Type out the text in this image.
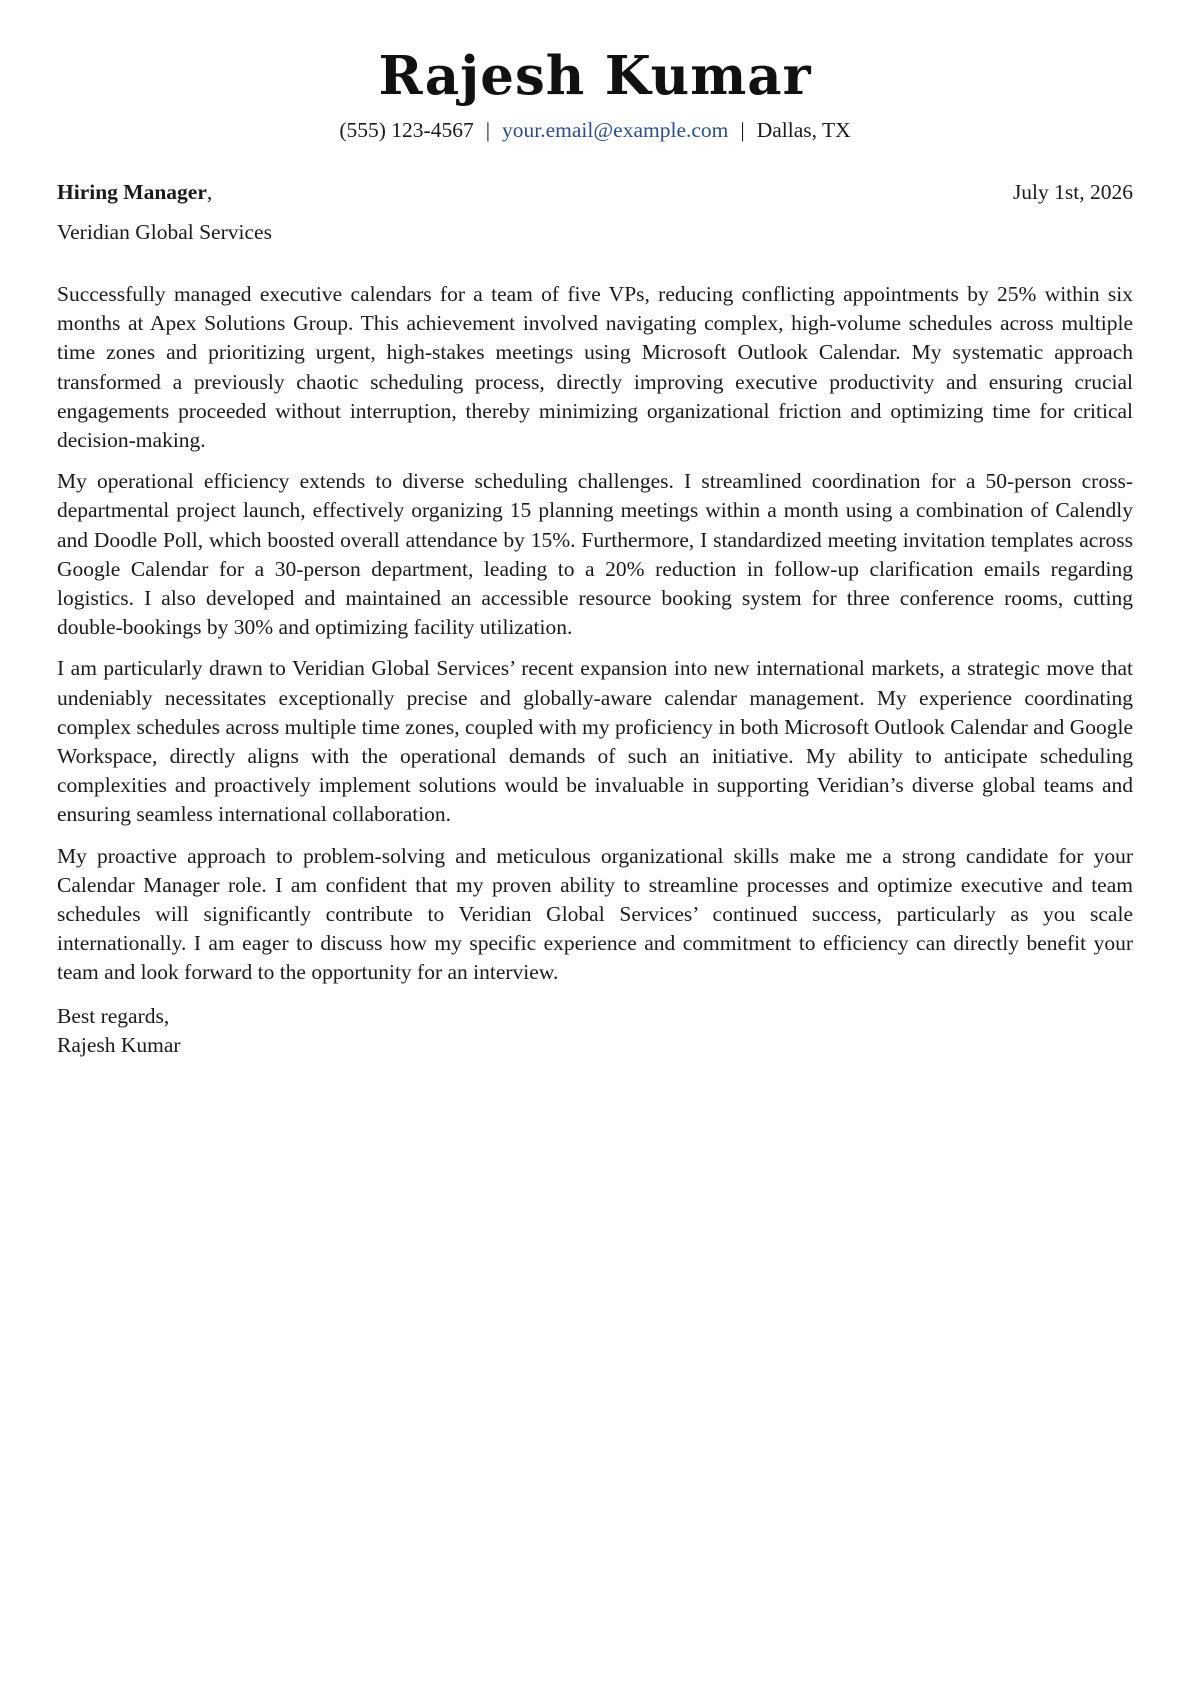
Rajesh Kumar
(555) 123-4567 | your.email@example.com | Dallas, TX
Hiring Manager,	July 1st, 2026
Veridian Global Services

Successfully managed executive calendars for a team of five VPs, reducing conflicting appointments by 25% within six months at Apex Solutions Group. This achievement involved navigating complex, high-volume schedules across multiple time zones and prioritizing urgent, high-stakes meetings using Microsoft Outlook Calendar. My systematic approach transformed a previously chaotic scheduling process, directly improving executive productivity and ensuring crucial engagements proceeded without interruption, thereby minimizing organizational friction and optimizing time for critical decision-making.

My operational efficiency extends to diverse scheduling challenges. I streamlined coordination for a 50-person cross-departmental project launch, effectively organizing 15 planning meetings within a month using a combination of Calendly and Doodle Poll, which boosted overall attendance by 15%. Furthermore, I standardized meeting invitation templates across Google Calendar for a 30-person department, leading to a 20% reduction in follow-up clarification emails regarding logistics. I also developed and maintained an accessible resource booking system for three conference rooms, cutting double-bookings by 30% and optimizing facility utilization.

I am particularly drawn to Veridian Global Services’ recent expansion into new international markets, a strategic move that undeniably necessitates exceptionally precise and globally-aware calendar management. My experience coordinating complex schedules across multiple time zones, coupled with my proficiency in both Microsoft Outlook Calendar and Google Workspace, directly aligns with the operational demands of such an initiative. My ability to anticipate scheduling complexities and proactively implement solutions would be invaluable in supporting Veridian’s diverse global teams and ensuring seamless international collaboration.

My proactive approach to problem-solving and meticulous organizational skills make me a strong candidate for your Calendar Manager role. I am confident that my proven ability to streamline processes and optimize executive and team schedules will significantly contribute to Veridian Global Services’ continued success, particularly as you scale internationally. I am eager to discuss how my specific experience and commitment to efficiency can directly benefit your team and look forward to the opportunity for an interview.

Best regards,
Rajesh Kumar
